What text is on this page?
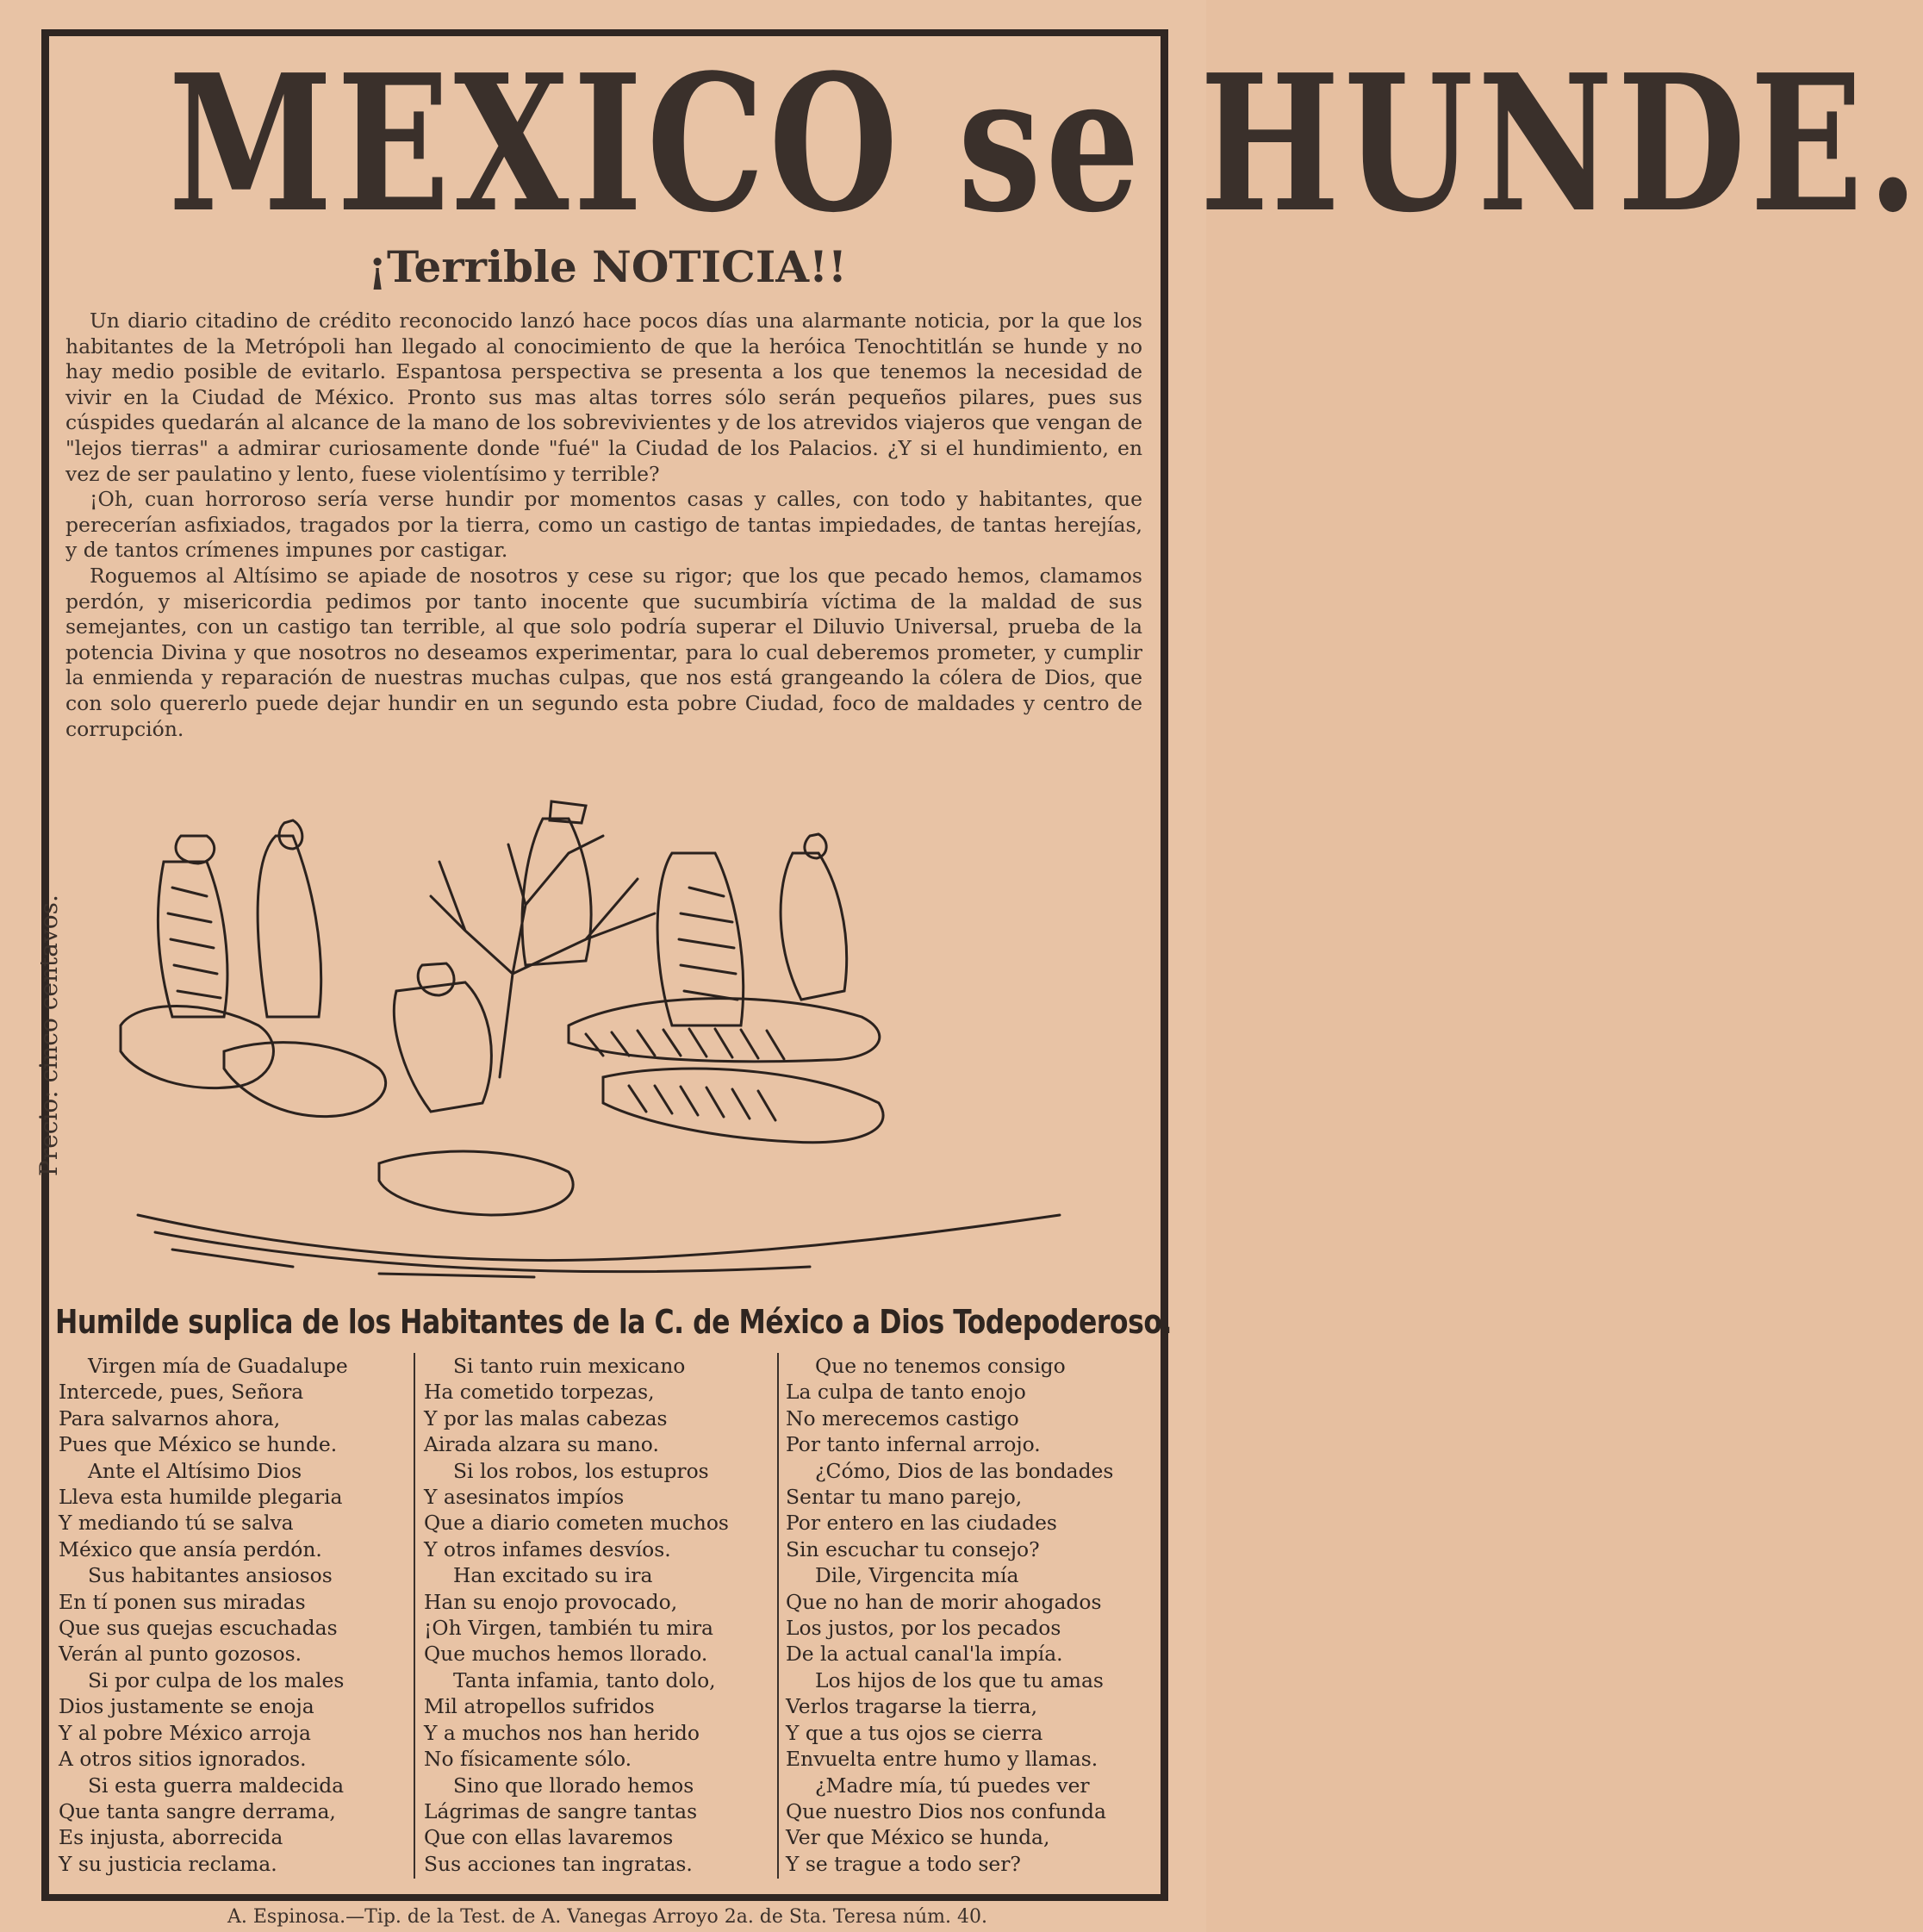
MEXICO se HUNDE.
¡Terrible NOTICIA!!

Un diario citadino de crédito reconocido lanzó hace pocos días una alarmante noticia, por la que los habitantes de la Metrópoli han llegado al conocimiento de que la heróica Tenochtitlán se hunde y no hay medio posible de evitarlo. Espantosa perspectiva se presenta a los que tenemos la necesidad de vivir en la Ciudad de México. Pronto sus mas altas torres sólo serán pequeños pilares, pues sus cúspides quedarán al alcance de la mano de los sobrevivientes y de los atrevidos viajeros que vengan de "lejos tierras" a admirar curiosamente donde "fué" la Ciudad de los Palacios. ¿Y si el hundimiento, en vez de ser paulatino y lento, fuese violentísimo y terrible?

¡Oh, cuan horroroso sería verse hundir por momentos casas y calles, con todo y habitantes, que perecerían asfixiados, tragados por la tierra, como un castigo de tantas impiedades, de tantas herejías, y de tantos crímenes impunes por castigar.

Roguemos al Altísimo se apiade de nosotros y cese su rigor; que los que pecado hemos, clamamos perdón, y misericordia pedimos por tanto inocente que sucumbiría víctima de la maldad de sus semejantes, con un castigo tan terrible, al que solo podría superar el Diluvio Universal, prueba de la potencia Divina y que nosotros no deseamos experimentar, para lo cual deberemos prometer, y cumplir la enmienda y reparación de nuestras muchas culpas, que nos está grangeando la cólera de Dios, que con solo quererlo puede dejar hundir en un segundo esta pobre Ciudad, foco de maldades y centro de corrupción.

Precio: cinco centavos.
Humilde suplica de los Habitantes de la C. de México a Dios Todepoderoso.
Virgen mía de Guadalupe
Intercede, pues, Señora
Para salvarnos ahora,
Pues que México se hunde.
Ante el Altísimo Dios
Lleva esta humilde plegaria
Y mediando tú se salva
México que ansía perdón.
Sus habitantes ansiosos
En tí ponen sus miradas
Que sus quejas escuchadas
Verán al punto gozosos.
Si por culpa de los males
Dios justamente se enoja
Y al pobre México arroja
A otros sitios ignorados.
Si esta guerra maldecida
Que tanta sangre derrama,
Es injusta, aborrecida
Y su justicia reclama.
Si tanto ruin mexicano
Ha cometido torpezas,
Y por las malas cabezas
Airada alzara su mano.
Si los robos, los estupros
Y asesinatos impíos
Que a diario cometen muchos
Y otros infames desvíos.
Han excitado su ira
Han su enojo provocado,
¡Oh Virgen, también tu mira
Que muchos hemos llorado.
Tanta infamia, tanto dolo,
Mil atropellos sufridos
Y a muchos nos han herido
No físicamente sólo.
Sino que llorado hemos
Lágrimas de sangre tantas
Que con ellas lavaremos
Sus acciones tan ingratas.
Que no tenemos consigo
La culpa de tanto enojo
No merecemos castigo
Por tanto infernal arrojo.
¿Cómo, Dios de las bondades
Sentar tu mano parejo,
Por entero en las ciudades
Sin escuchar tu consejo?
Dile, Virgencita mía
Que no han de morir ahogados
Los justos, por los pecados
De la actual canal'la impía.
Los hijos de los que tu amas
Verlos tragarse la tierra,
Y que a tus ojos se cierra
Envuelta entre humo y llamas.
¿Madre mía, tú puedes ver
Que nuestro Dios nos confunda
Ver que México se hunda,
Y se trague a todo ser?
A. Espinosa.—Tip. de la Test. de A. Vanegas Arroyo 2a. de Sta. Teresa núm. 40.
